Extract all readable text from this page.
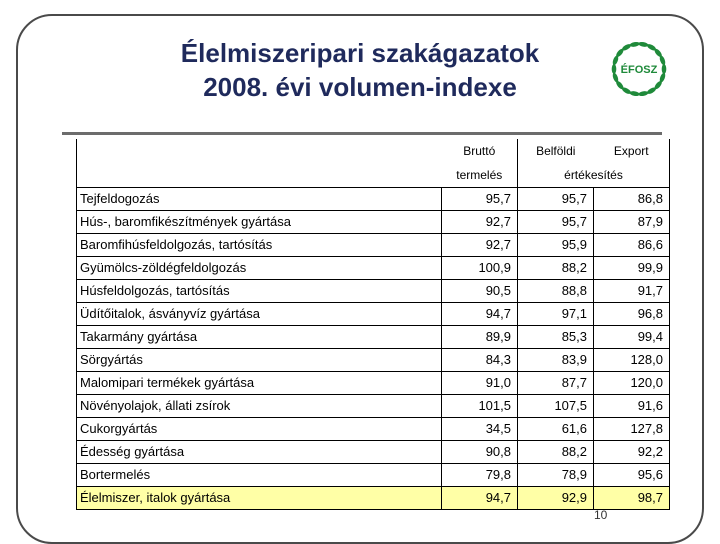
Élelmiszeripari szakágazatok
2008. évi volumen-indexe
ÉFOSZ
	Bruttó	Belföldi	Export
	termelés	értékesítés	
Tejfeldogozás	95,7	95,7	86,8
Hús-, baromfikészítmények gyártása	92,7	95,7	87,9
Baromfihúsfeldolgozás, tartósítás	92,7	95,9	86,6
Gyümölcs-zöldégfeldolgozás	100,9	88,2	99,9
Húsfeldolgozás, tartósítás	90,5	88,8	91,7
Üdítőitalok, ásványvíz gyártása	94,7	97,1	96,8
Takarmány gyártása	89,9	85,3	99,4
Sörgyártás	84,3	83,9	128,0
Malomipari termékek gyártása	91,0	87,7	120,0
Növényolajok, állati zsírok	101,5	107,5	91,6
Cukorgyártás	34,5	61,6	127,8
Édesség gyártása	90,8	88,2	92,2
Bortermelés	79,8	78,9	95,6
Élelmiszer, italok gyártása	94,7	92,9	98,7
10
